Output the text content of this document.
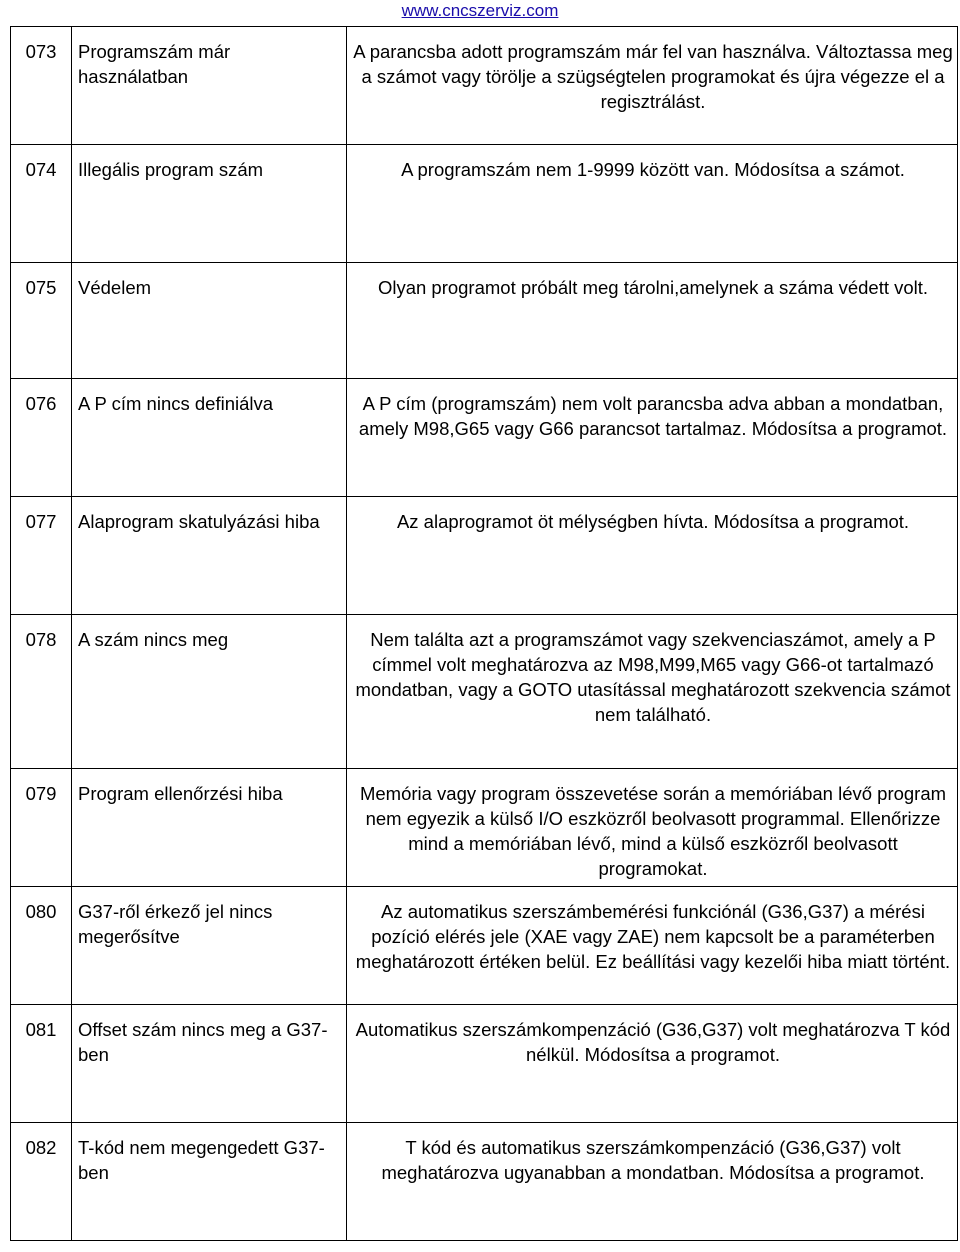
www.cncszerviz.com
073	Programszám már használatban	A parancsba adott programszám már fel van használva. Változtassa meg a számot vagy törölje a szügségtelen programokat és újra végezze el a regisztrálást.
074	Illegális program szám	A programszám nem 1-9999 között van. Módosítsa a számot.
075	Védelem	Olyan programot próbált meg tárolni,amelynek a száma védett volt.
076	A P cím nincs definiálva	A P cím (programszám) nem volt parancsba adva abban a mondatban, amely M98,G65 vagy G66 parancsot tartalmaz. Módosítsa a programot.
077	Alaprogram skatulyázási hiba	Az alaprogramot öt mélységben hívta. Módosítsa a programot.
078	A szám nincs meg	Nem találta azt a programszámot vagy szekvenciaszámot, amely a P címmel volt meghatározva az M98,M99,M65 vagy G66-ot tartalmazó mondatban, vagy a GOTO utasítással meghatározott szekvencia számot nem található.
079	Program ellenőrzési hiba	Memória vagy program összevetése során a memóriában lévő program nem egyezik a külső I/O eszközről beolvasott programmal. Ellenőrizze mind a memóriában lévő, mind a külső eszközről beolvasott programokat.
080	G37-ről érkező jel nincs megerősítve	Az automatikus szerszámbemérési funkciónál (G36,G37) a mérési pozíció elérés jele (XAE vagy ZAE) nem kapcsolt be a paraméterben meghatározott értéken belül. Ez beállítási vagy kezelői hiba miatt történt.
081	Offset szám nincs meg a G37-ben	Automatikus szerszámkompenzáció (G36,G37) volt meghatározva T kód nélkül. Módosítsa a programot.
082	T-kód nem megengedett G37-ben	T kód és automatikus szerszámkompenzáció (G36,G37) volt meghatározva ugyanabban a mondatban. Módosítsa a programot.
